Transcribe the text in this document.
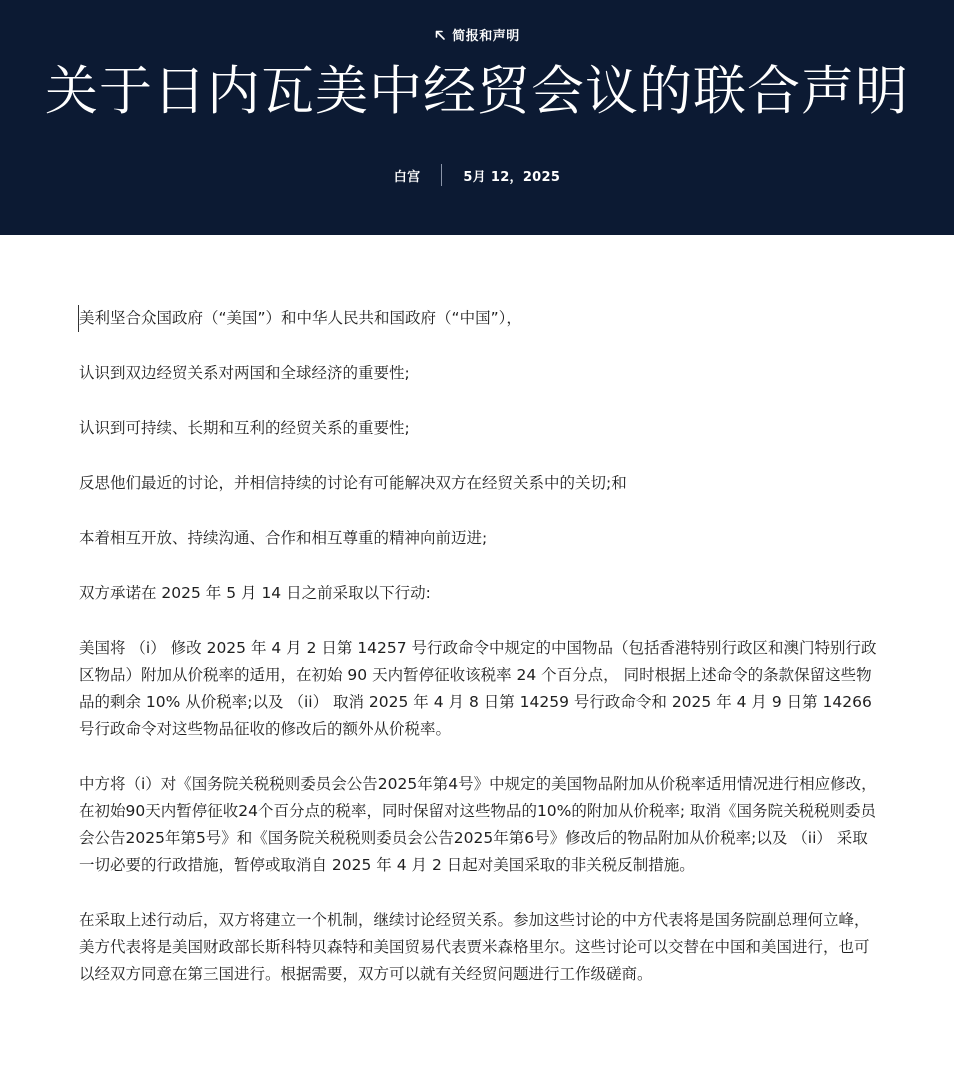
简报和声明
关于日内瓦美中经贸会议的联合声明
白宫	5月 12，2025

美利坚合众国政府（“美国”）和中华人民共和国政府（“中国”），

认识到双边经贸关系对两国和全球经济的重要性;

认识到可持续、长期和互利的经贸关系的重要性;

反思他们最近的讨论，并相信持续的讨论有可能解决双方在经贸关系中的关切;和

本着相互开放、持续沟通、合作和相互尊重的精神向前迈进;

双方承诺在 2025 年 5 月 14 日之前采取以下行动:

美国将 （i） 修改 2025 年 4 月 2 日第 14257 号行政命令中规定的中国物品（包括香港特别行政区和澳门特别行政区物品）附加从价税率的适用，在初始 90 天内暂停征收该税率 24 个百分点， 同时根据上述命令的条款保留这些物品的剩余 10% 从价税率;以及 （ii） 取消 2025 年 4 月 8 日第 14259 号行政命令和 2025 年 4 月 9 日第 14266 号行政命令对这些物品征收的修改后的额外从价税率。

中方将（i）对《国务院关税税则委员会公告2025年第4号》中规定的美国物品附加从价税率适用情况进行相应修改，在初始90天内暂停征收24个百分点的税率，同时保留对这些物品的10%的附加从价税率; 取消《国务院关税税则委员会公告2025年第5号》和《国务院关税税则委员会公告2025年第6号》修改后的物品附加从价税率;以及 （ii） 采取一切必要的行政措施，暂停或取消自 2025 年 4 月 2 日起对美国采取的非关税反制措施。

在采取上述行动后，双方将建立一个机制，继续讨论经贸关系。参加这些讨论的中方代表将是国务院副总理何立峰，美方代表将是美国财政部长斯科特贝森特和美国贸易代表贾米森格里尔。这些讨论可以交替在中国和美国进行，也可以经双方同意在第三国进行。根据需要，双方可以就有关经贸问题进行工作级磋商。
